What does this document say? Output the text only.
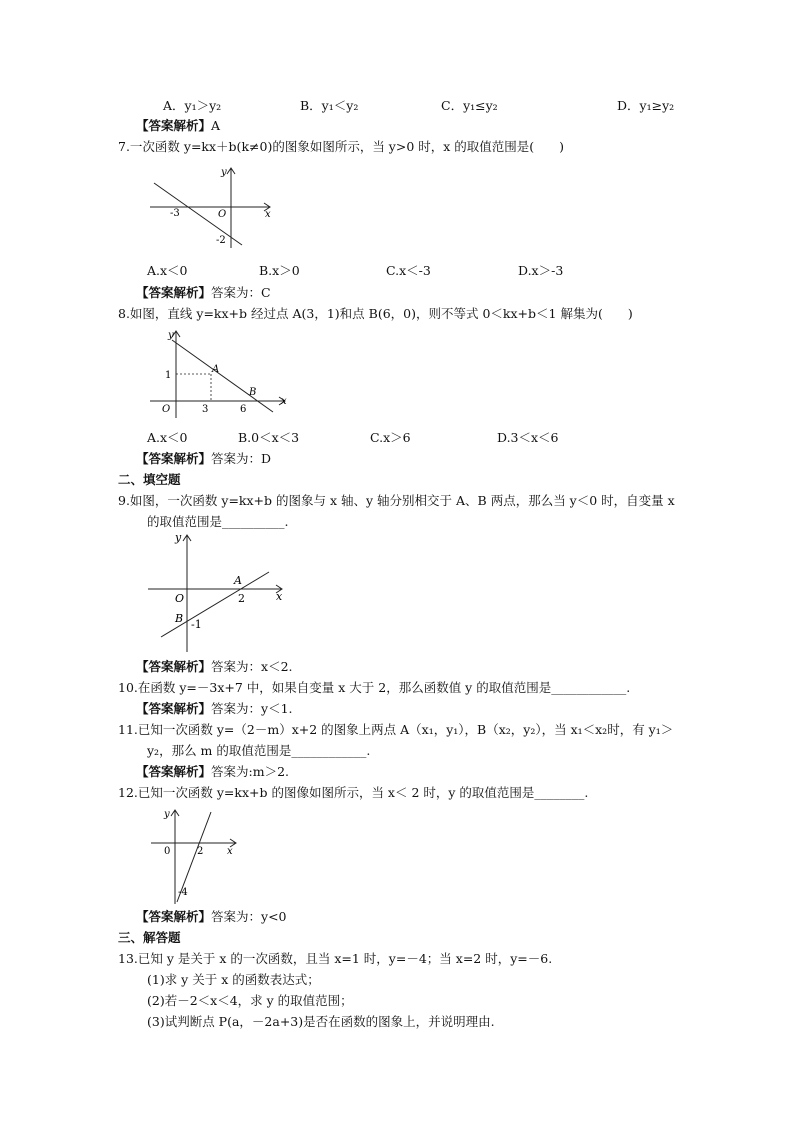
A．y₁＞y₂	B．y₁＜y₂	C．y₁≤y₂	D．y₁≥y₂
【答案解析】A
7.一次函数 y=kx＋b(k≠0)的图象如图所示，当 y>0 时，x 的取值范围是(　　)
y
x
O
-3
-2
A.x＜0	B.x＞0	C.x＜-3	D.x＞-3
【答案解析】答案为：C
8.如图，直线 y=kx+b 经过点 A(3，1)和点 B(6，0)，则不等式 0＜kx+b＜1 解集为(　　)
y
x
O
1
3	6
A
B
A.x＜0	B.0＜x＜3	C.x＞6	D.3＜x＜6
【答案解析】答案为：D
二、填空题
9.如图，一次函数 y=kx+b 的图象与 x 轴、y 轴分别相交于 A、B 两点，那么当 y＜0 时，自变量 x
的取值范围是__________.
y
x
O
A
B
2
-1
【答案解析】答案为：x＜2.
10.在函数 y=－3x+7 中，如果自变量 x 大于 2，那么函数值 y 的取值范围是____________.
【答案解析】答案为：y＜1.
11.已知一次函数 y=（2－m）x+2 的图象上两点 A（x₁，y₁），B（x₂，y₂），当 x₁＜x₂时，有 y₁＞
y₂，那么 m 的取值范围是____________.
【答案解析】答案为:m＞2.
12.已知一次函数 y=kx+b 的图像如图所示，当 x＜ 2 时，y 的取值范围是________.
y
x
0	2
-4
【答案解析】答案为：y<0
三、解答题
13.已知 y 是关于 x 的一次函数，且当 x=1 时，y=－4；当 x=2 时，y=－6.
(1)求 y 关于 x 的函数表达式；
(2)若－2＜x＜4，求 y 的取值范围；
(3)试判断点 P(a，－2a+3)是否在函数的图象上，并说明理由.
